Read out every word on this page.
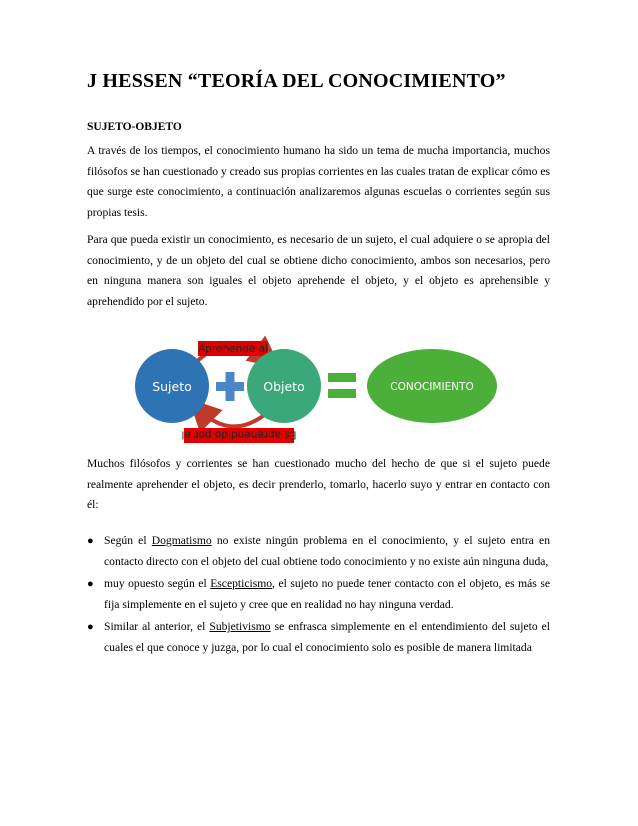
J HESSEN “TEORÍA DEL CONOCIMIENTO”
SUJETO-OBJETO

A través de los tiempos, el conocimiento humano ha sido un tema de mucha importancia, muchos filósofos se han cuestionado y creado sus propias corrientes en las cuales tratan de explicar cómo es que surge este conocimiento, a continuación analizaremos algunas escuelas o corrientes según sus propias tesis.

Para que pueda existir un conocimiento, es necesario de un sujeto, el cual adquiere o se apropia del conocimiento, y de un objeto del cual se obtiene dicho conocimiento, ambos son necesarios, pero en ninguna manera son iguales el objeto aprehende el objeto, y el objeto es aprehensible y aprehendido por el sujeto.

Aprehende al
Es aprehendido por el
Sujeto	Objeto	CONOCIMIENTO

Muchos filósofos y corrientes se han cuestionado mucho del hecho de que si el sujeto puede realmente aprehender el objeto, es decir prenderlo, tomarlo, hacerlo suyo y entrar en contacto con él:

● Según el Dogmatismo no existe ningún problema en el conocimiento, y el sujeto entra en contacto directo con el objeto del cual obtiene todo conocimiento y no existe aún ninguna duda,
● muy opuesto según el Escepticismo, el sujeto no puede tener contacto con el objeto, es más se fija simplemente en el sujeto y cree que en realidad no hay ninguna verdad.
● Similar al anterior, el Subjetivismo se enfrasca simplemente en el entendimiento del sujeto el cuales el que conoce y juzga, por lo cual el conocimiento solo es posible de manera limitada
